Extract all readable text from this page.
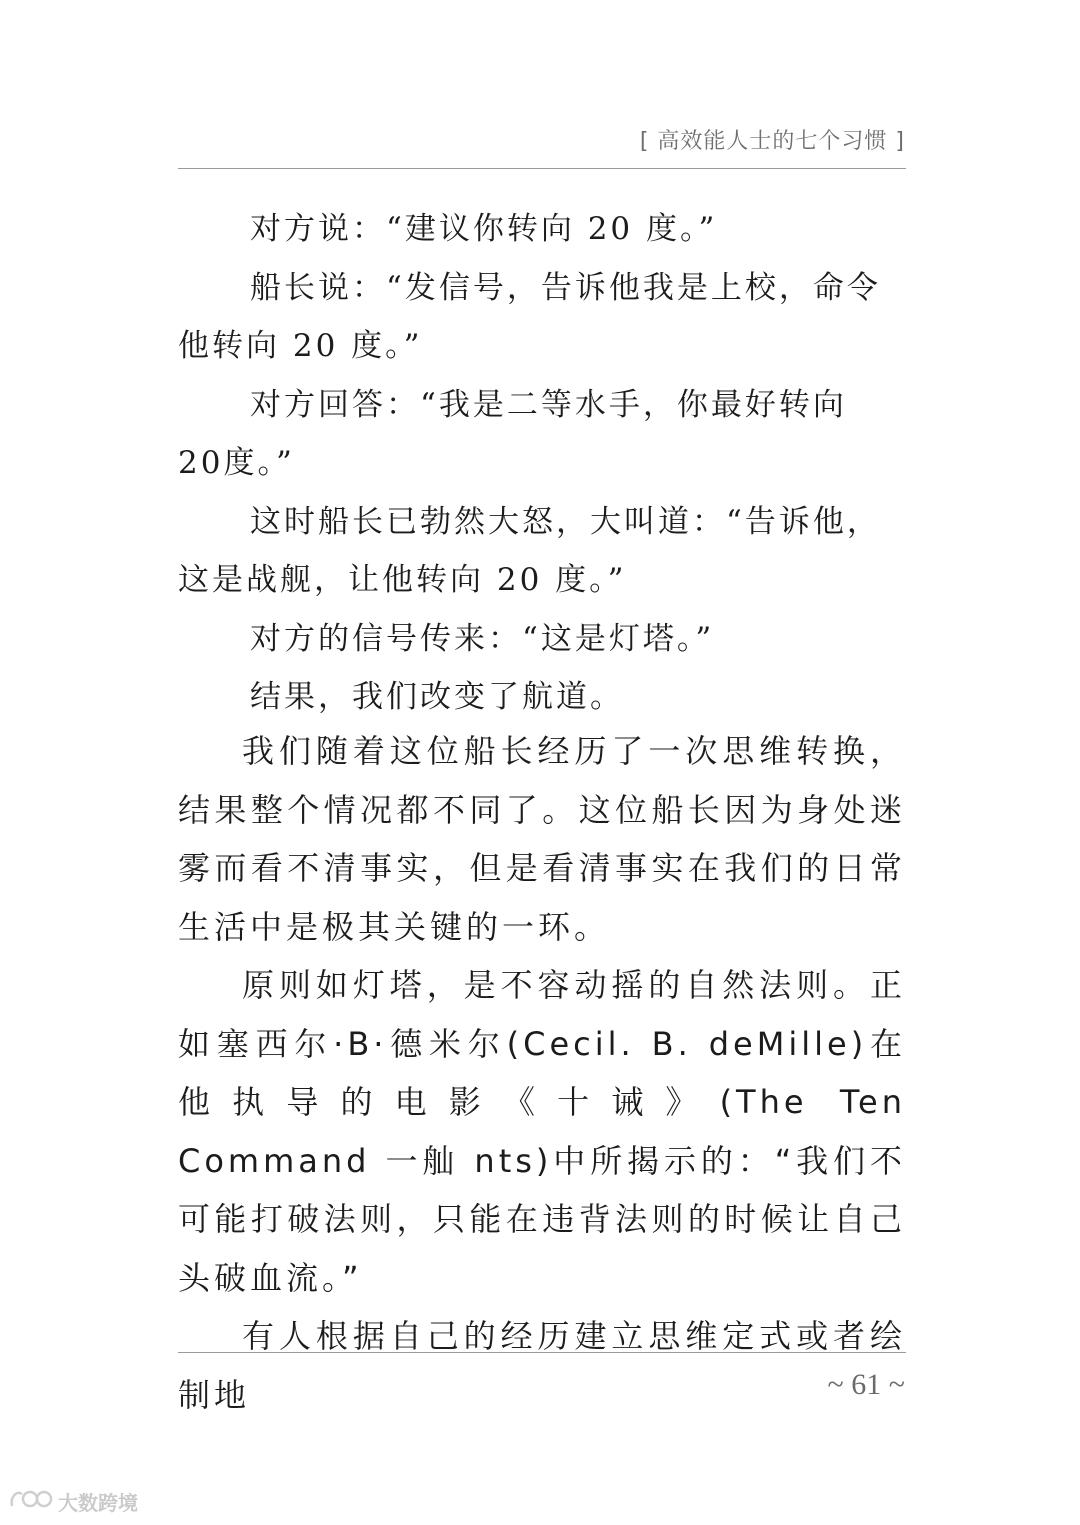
[ 高效能人士的七个习惯 ]

对方说：“建议你转向 20 度。”

船长说：“发信号，告诉他我是上校，命令他转向 20 度。”

对方回答：“我是二等水手，你最好转向 20度。”

这时船长已勃然大怒，大叫道：“告诉他，这是战舰，让他转向 20 度。”

对方的信号传来：“这是灯塔。”

结果，我们改变了航道。

我们随着这位船长经历了一次思维转换，结果整个情况都不同了。这位船长因为身处迷雾而看不清事实，但是看清事实在我们的日常生活中是极其关键的一环。

原则如灯塔，是不容动摇的自然法则。正如塞西尔·B·德米尔(Cecil. B. deMille)在他执导的电影《十诫》(The Ten Command 一舢 nts)中所揭示的：“我们不可能打破法则，只能在违背法则的时候让自己头破血流。”

有人根据自己的经历建立思维定式或者绘制地	~ 61 ~
大数跨境
